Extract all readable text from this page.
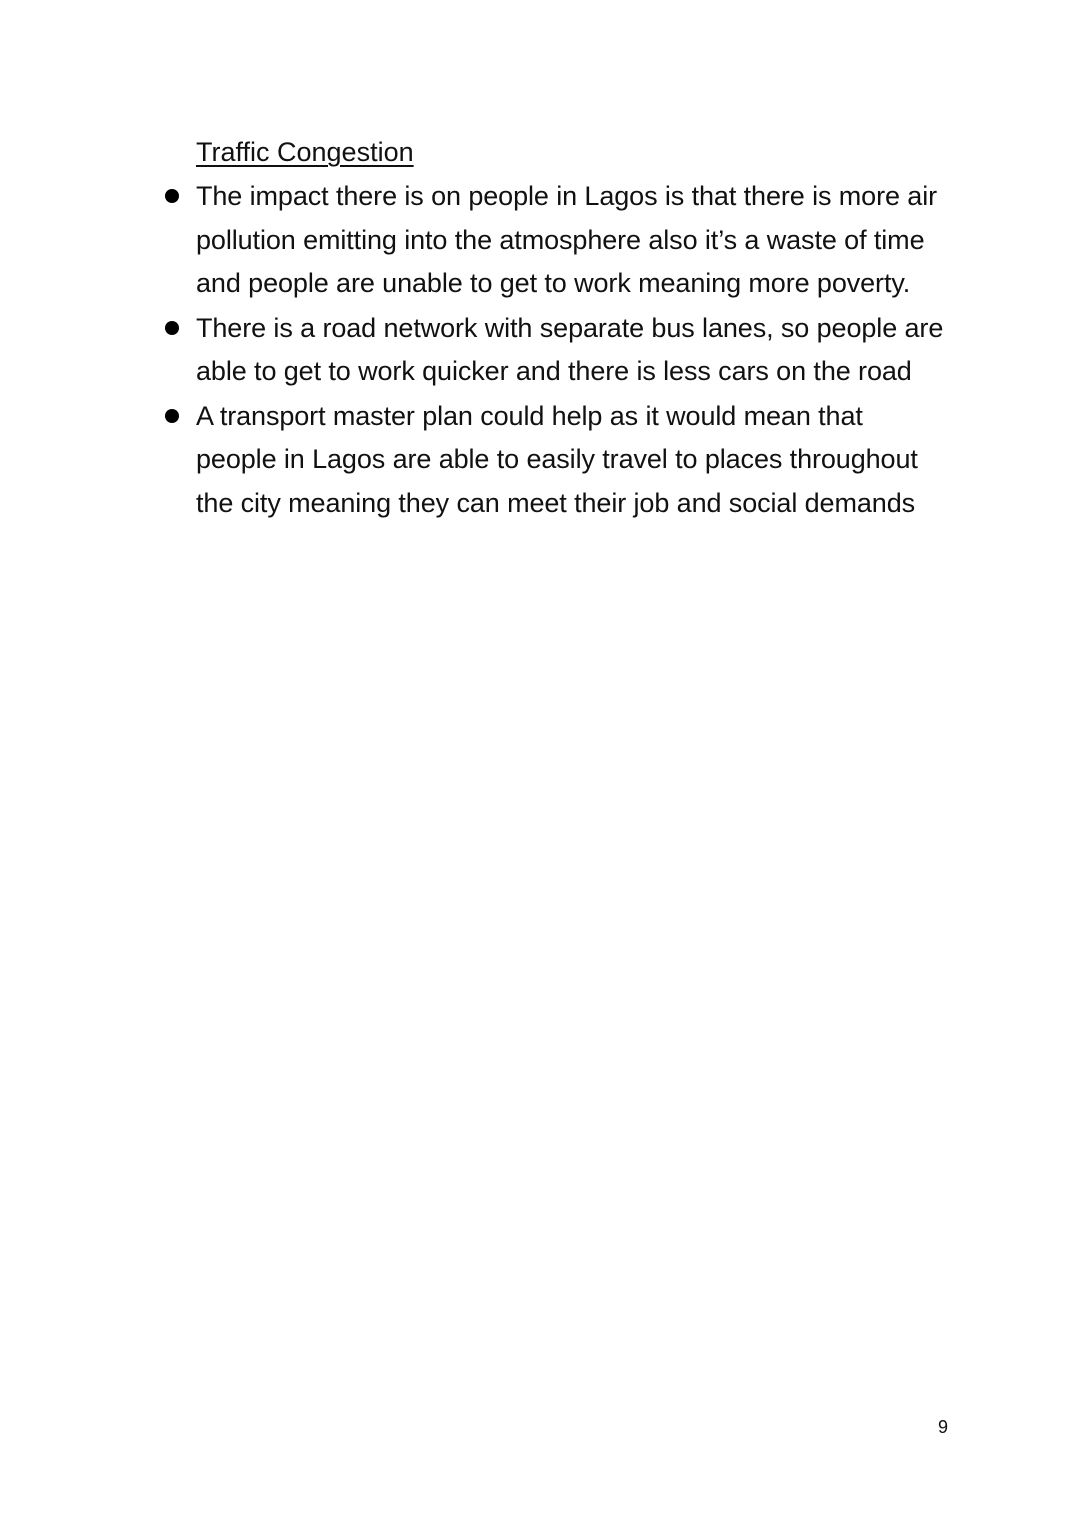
Traffic Congestion
The impact there is on people in Lagos is that there is more air pollution emitting into the atmosphere also it’s a waste of time and people are unable to get to work meaning more poverty.
There is a road network with separate bus lanes, so people are able to get to work quicker and there is less cars on the road
A transport master plan could help as it would mean that people in Lagos are able to easily travel to places throughout the city meaning they can meet their job and social demands
9
